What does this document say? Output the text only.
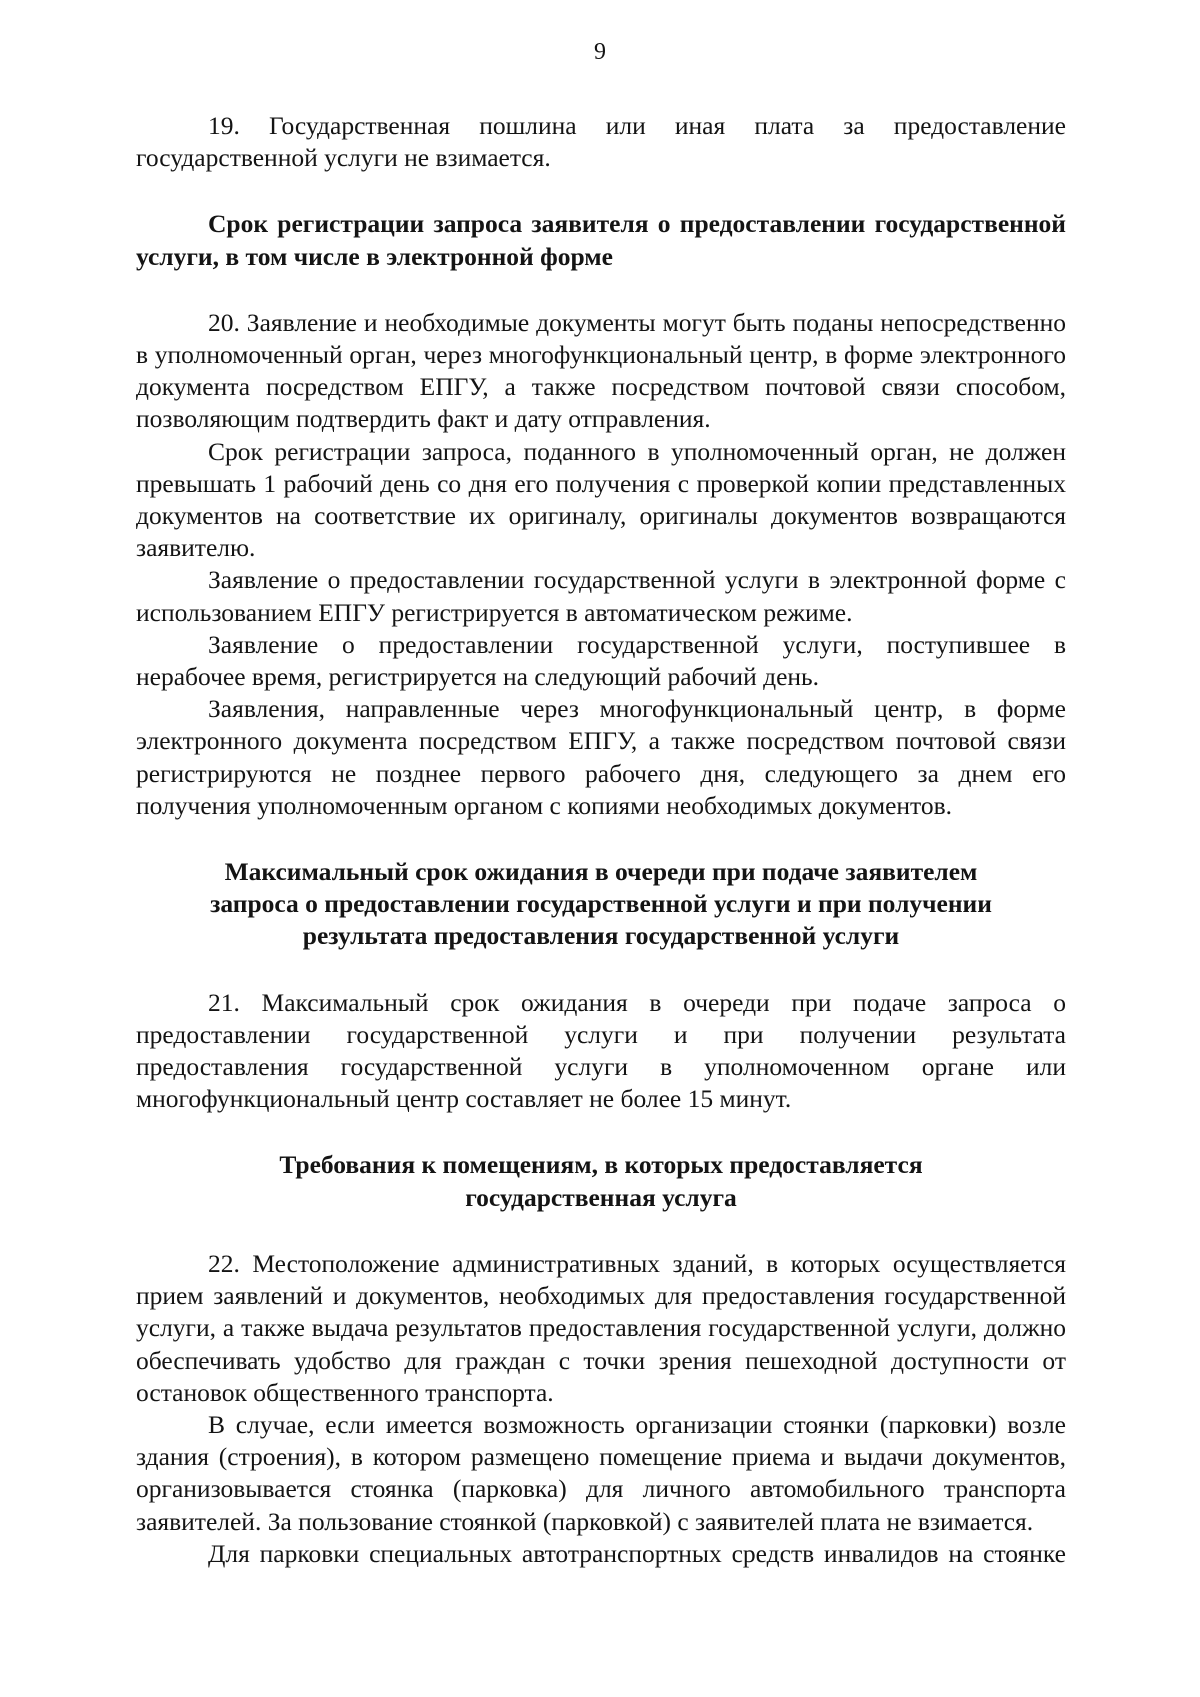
9

19. Государственная пошлина или иная плата за предоставление государственной услуги не взимается.

Срок регистрации запроса заявителя о предоставлении государственной услуги, в том числе в электронной форме

20. Заявление и необходимые документы могут быть поданы непосредственно в уполномоченный орган, через многофункциональный центр, в форме электронного документа посредством ЕПГУ, а также посредством почтовой связи способом, позволяющим подтвердить факт и дату отправления.

Срок регистрации запроса, поданного в уполномоченный орган, не должен превышать 1 рабочий день со дня его получения с проверкой копии представленных документов на соответствие их оригиналу, оригиналы документов возвращаются заявителю.

Заявление о предоставлении государственной услуги в электронной форме с использованием ЕПГУ регистрируется в автоматическом режиме.

Заявление о предоставлении государственной услуги, поступившее в нерабочее время, регистрируется на следующий рабочий день.

Заявления, направленные через многофункциональный центр, в форме электронного документа посредством ЕПГУ, а также посредством почтовой связи регистрируются не позднее первого рабочего дня, следующего за днем его получения уполномоченным органом с копиями необходимых документов.

Максимальный срок ожидания в очереди при подаче заявителем
запроса о предоставлении государственной услуги и при получении
результата предоставления государственной услуги

21. Максимальный срок ожидания в очереди при подаче запроса о предоставлении государственной услуги и при получении результата предоставления государственной услуги в уполномоченном органе или многофункциональный центр составляет не более 15 минут.

Требования к помещениям, в которых предоставляется
государственная услуга

22. Местоположение административных зданий, в которых осуществляется прием заявлений и документов, необходимых для предоставления государственной услуги, а также выдача результатов предоставления государственной услуги, должно обеспечивать удобство для граждан с точки зрения пешеходной доступности от остановок общественного транспорта.

В случае, если имеется возможность организации стоянки (парковки) возле здания (строения), в котором размещено помещение приема и выдачи документов, организовывается стоянка (парковка) для личного автомобильного транспорта заявителей. За пользование стоянкой (парковкой) с заявителей плата не взимается.

Для парковки специальных автотранспортных средств инвалидов на стоянке
